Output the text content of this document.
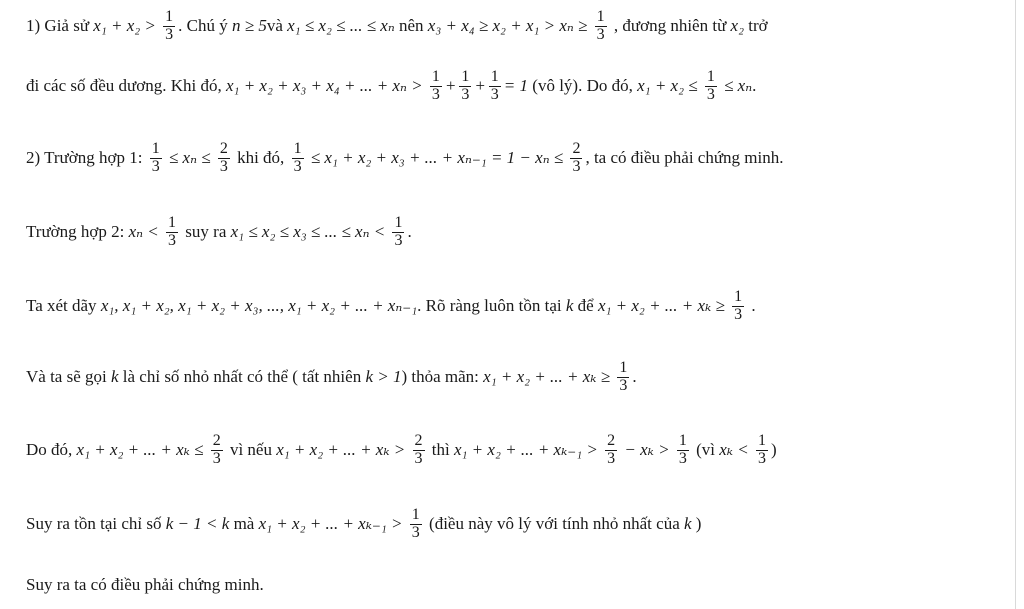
1) Giả sử $x_1 + x_2 > \frac{1}{3}$ . Chú ý n ≥ 5 và x₁ ≤ x₂ ≤ ... ≤ xₙ nên $x_3 + x_4 \ge x_2 + x_1 > x_n \ge \frac{1}{3}$ , đương nhiên từ x₂ trở
đi các số đều dương. Khi đó, x₁ + x₂ + x₃ + x₄ + ... + $x_n > \frac{1}{3} + \frac{1}{3} + \frac{1}{3} = 1$ (vô lý). Do đó, $x_1 + x_2 \le \frac{1}{3} \le x_n$ .
2) Trường hợp 1: $\frac{1}{3} \le x_n \le \frac{2}{3}$ khi đó, $\frac{1}{3} \le x_1 + x_2 + x_3$ + ... + $x_{n-1} = 1 - x_n \le \frac{2}{3}$ , ta có điều phải chứng minh.
Trường hợp 2: $x_n < \frac{1}{3}$ suy ra x₁ ≤ x₂ ≤ x₃ ≤ ... ≤ $x_n < \frac{1}{3}$ .
Ta xét dãy x₁, x₁ + x₂, x₁ + x₂ + x₃, ..., x₁ + x₂ + ... + xₙ₋₁ . Rõ ràng luôn tồn tại k để x₁ + x₂ + ... + $x_k \ge \frac{1}{3}$ .
Và ta sẽ gọi k là chỉ số nhỏ nhất có thể ( tất nhiên k > 1 ) thỏa mãn: x₁ + x₂ + ... + $x_k \ge \frac{1}{3}$ .
Do đó, x₁ + x₂ + ... + $x_k \le \frac{2}{3}$ vì nếu x₁ + x₂ + ... + $x_k > \frac{2}{3}$ thì x₁ + x₂ + ... + $x_{k-1} > \frac{2}{3} - x_k > \frac{1}{3}$ (vì $x_k < \frac{1}{3}$ )
Suy ra tồn tại chỉ số k − 1 < k mà x₁ + x₂ + ... + $x_{k-1} > \frac{1}{3}$ (điều này vô lý với tính nhỏ nhất của k )
Suy ra ta có điều phải chứng minh.
